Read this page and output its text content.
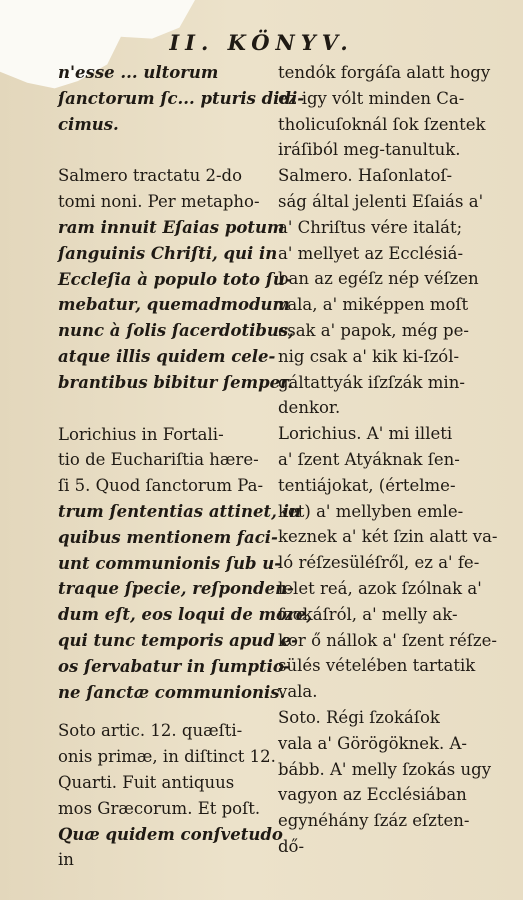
II. KÖNYV.

n'esse ... ultorum

ſanctorum ſc... pturis didi-

cimus.

Salmero tractatu 2-do

tomi noni. Per metapho-

ram innuit Eſaias potum

ſanguinis Chriſti, qui in

Eccleſia à populo toto ſu-

mebatur, quemadmodum

nunc à ſolis ſacerdotibus,

atque illis quidem cele-

brantibus bibitur ſemper.

Lorichius in Fortali-

tio de Euchariſtia hære-

ſi 5. Quod ſanctorum Pa-

trum ſententias attinet, in

quibus mentionem faci-

unt communionis ſub u-

traque ſpecie, reſponden-

dum eſt, eos loqui de more,

qui tunc temporis apud e-

os ſervabatur in ſumptio-

ne ſanctæ communionis.

Soto artic. 12. quæſti-

onis primæ, in diſtinct 12.

Quarti. Fuit antiquus

mos Græcorum. Et poſt.

Quæ quidem conſvetudo

in

tendók forgáſa alatt hogy

ez igy vólt minden Ca-

tholicuſoknál ſok ſzentek

iráſiból meg-tanultuk.

Salmero. Haſonlatoſ-

ság által jelenti Eſaiás a'

a' Chriſtus vére italát;

a' mellyet az Ecclésiá-

ban az egéſz nép véſzen

vala, a' miképpen moſt

csak a' papok, még pe-

nig csak a' kik ki-ſzól-

gáltattyák iſzſzák min-

denkor.

Lorichius. A' mi illeti

a' ſzent Atyáknak ſen-

tentiájokat, (értelme-

ket) a' mellyben emle-

keznek a' két ſzin alatt va-

ló réſzesüléſről, ez a' fe-

lelet reá, azok ſzólnak a'

ſzokáſról, a' melly ak-

kor ő nállok a' ſzent réſze-

sülés vételében tartatik

vala.

Soto. Régi ſzokáſok

vala a' Görögöknek. A-

bább. A' melly ſzokás ugy

vagyon az Ecclésiában

egynéhány ſzáz eſzten-

dő-
